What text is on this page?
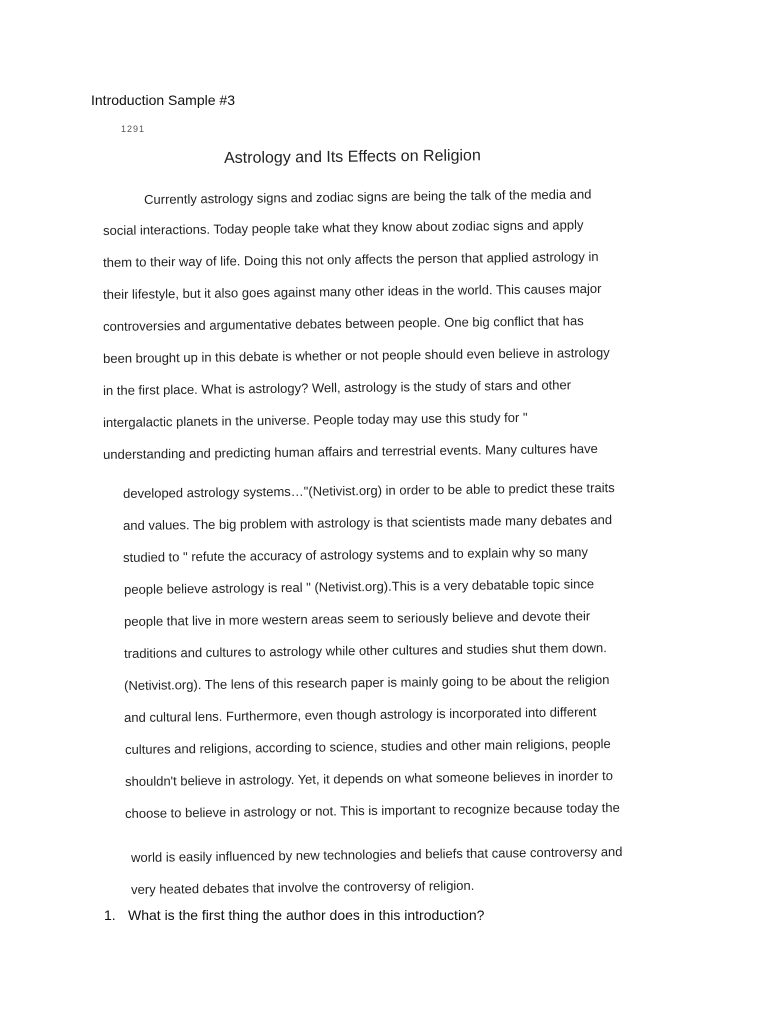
Introduction Sample #3
1291
Astrology and Its Effects on Religion
Currently astrology signs and zodiac signs are being the talk of the media and
social interactions. Today people take what they know about zodiac signs and apply
them to their way of life. Doing this not only affects the person that applied astrology in
their lifestyle, but it also goes against many other ideas in the world. This causes major
controversies and argumentative debates between people. One big conflict that has
been brought up in this debate is whether or not people should even believe in astrology
in the first place. What is astrology? Well, astrology is the study of stars and other
intergalactic planets in the universe. People today may use this study for "
understanding and predicting human affairs and terrestrial events. Many cultures have
developed astrology systems…"(Netivist.org) in order to be able to predict these traits
and values. The big problem with astrology is that scientists made many debates and
studied to " refute the accuracy of astrology systems and to explain why so many
people believe astrology is real " (Netivist.org).This is a very debatable topic since
people that live in more western areas seem to seriously believe and devote their
traditions and cultures to astrology while other cultures and studies shut them down.
(Netivist.org). The lens of this research paper is mainly going to be about the religion
and cultural lens. Furthermore, even though astrology is incorporated into different
cultures and religions, according to science, studies and other main religions, people
shouldn't believe in astrology. Yet, it depends on what someone believes in inorder to
choose to believe in astrology or not. This is important to recognize because today the
world is easily influenced by new technologies and beliefs that cause controversy and
very heated debates that involve the controversy of religion.
1. What is the first thing the author does in this introduction?
